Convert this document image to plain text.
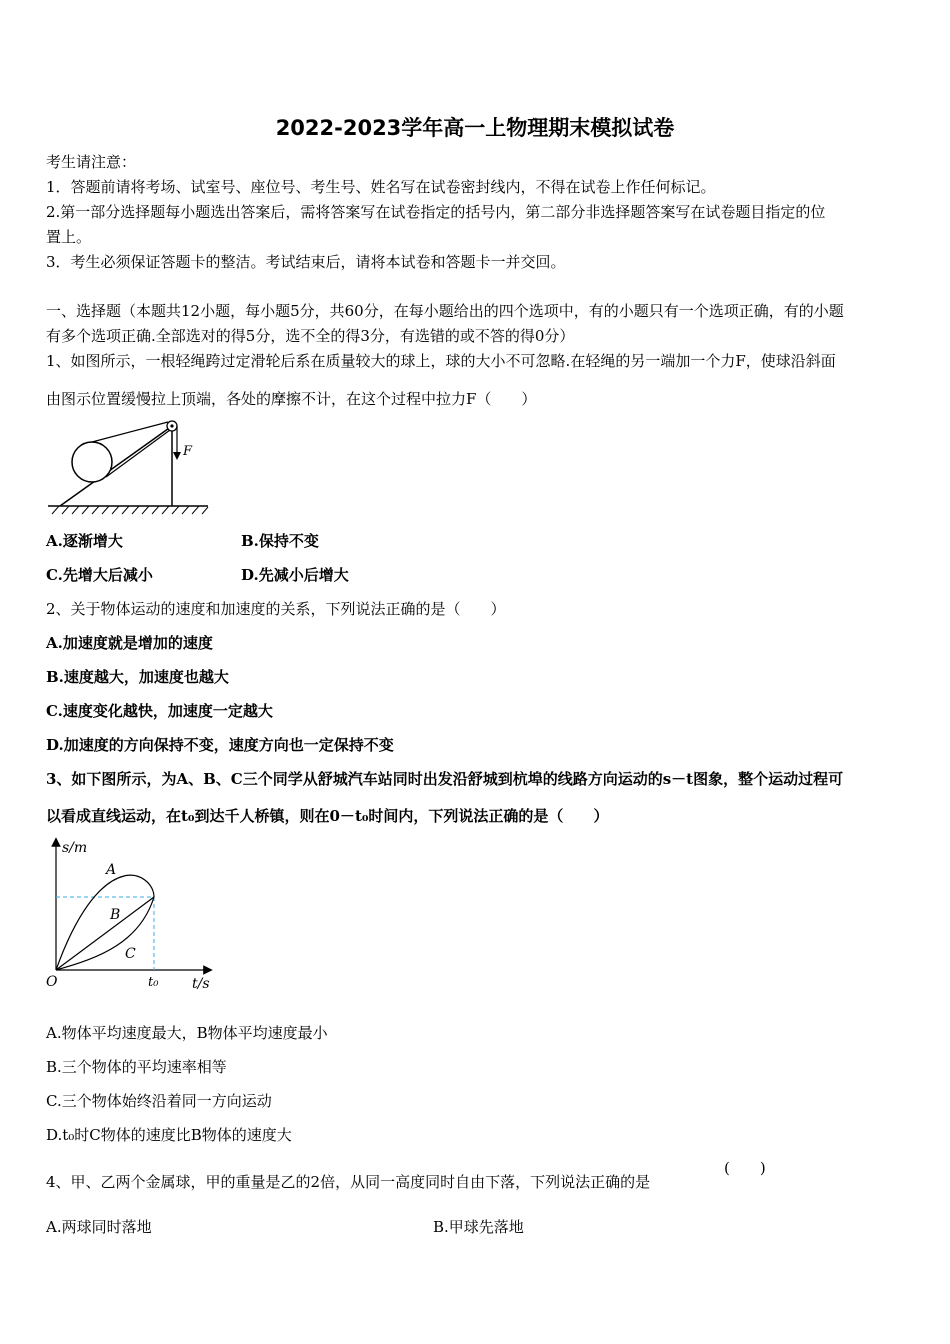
2022-2023学年高一上物理期末模拟试卷
考生请注意：
1．答题前请将考场、试室号、座位号、考生号、姓名写在试卷密封线内，不得在试卷上作任何标记。
2.第一部分选择题每小题选出答案后，需将答案写在试卷指定的括号内，第二部分非选择题答案写在试卷题目指定的位
置上。
3．考生必须保证答题卡的整洁。考试结束后，请将本试卷和答题卡一并交回。
一、选择题（本题共12小题，每小题5分，共60分，在每小题给出的四个选项中，有的小题只有一个选项正确，有的小题
有多个选项正确.全部选对的得5分，选不全的得3分，有选错的或不答的得0分）
1、如图所示，一根轻绳跨过定滑轮后系在质量较大的球上，球的大小不可忽略.在轻绳的另一端加一个力F，使球沿斜面
由图示位置缓慢拉上顶端，各处的摩擦不计，在这个过程中拉力F（　　）
F
A.逐渐增大	B.保持不变
C.先增大后减小	D.先减小后增大
2、关于物体运动的速度和加速度的关系，下列说法正确的是（　　）
A.加速度就是增加的速度
B.速度越大，加速度也越大
C.速度变化越快，加速度一定越大
D.加速度的方向保持不变，速度方向也一定保持不变
3、如下图所示，为A、B、C三个同学从舒城汽车站同时出发沿舒城到杭埠的线路方向运动的s－t图象，整个运动过程可
以看成直线运动，在t₀到达千人桥镇，则在0－t₀时间内，下列说法正确的是（　　）
s/m
A
B
C
O	t₀ t/s
A.物体平均速度最大，B物体平均速度最小
B.三个物体的平均速率相等
C.三个物体始终沿着同一方向运动
D.t₀时C物体的速度比B物体的速度大
4、甲、乙两个金属球，甲的重量是乙的2倍，从同一高度同时自由下落，下列说法正确的是
(　　)
A.两球同时落地	B.甲球先落地
